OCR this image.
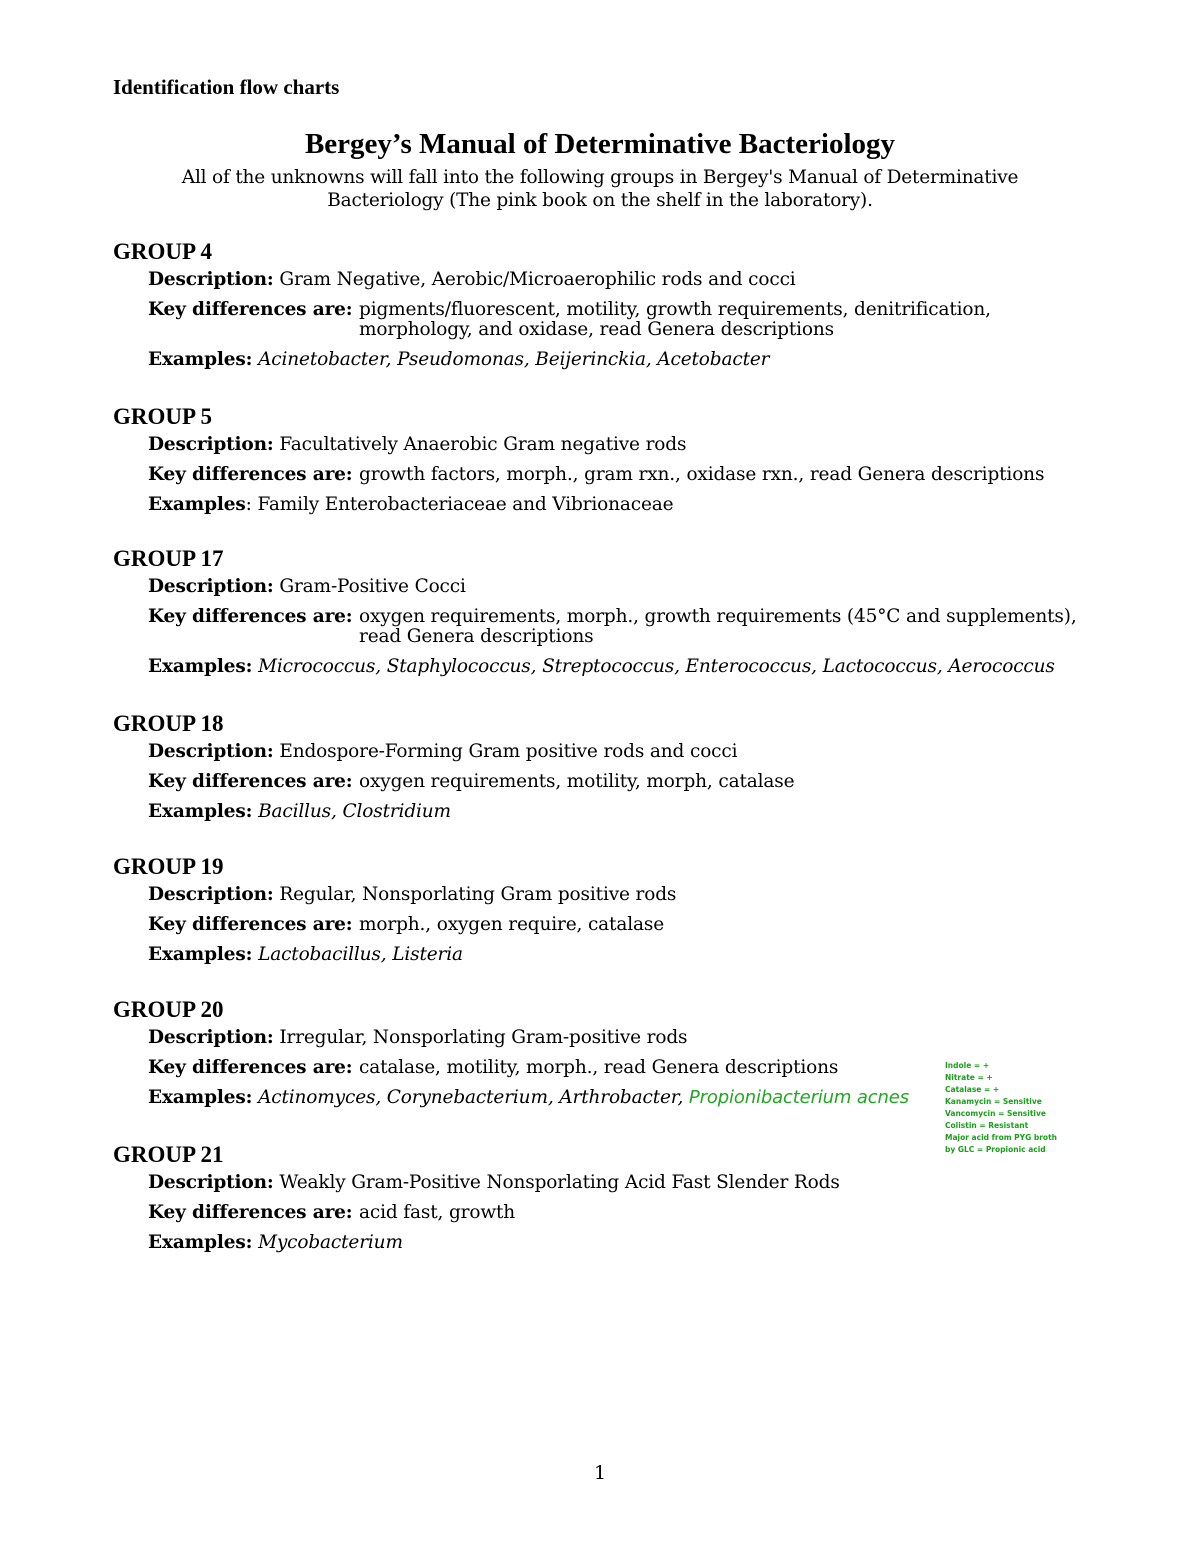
Identification flow charts
Bergey’s Manual of Determinative Bacteriology
All of the unknowns will fall into the following groups in Bergey's Manual of Determinative
Bacteriology (The pink book on the shelf in the laboratory).
GROUP 4
Description: Gram Negative, Aerobic/Microaerophilic rods and cocci
Key differences are: pigments/fluorescent, motility, growth requirements, denitrification,
morphology, and oxidase, read Genera descriptions
Examples: Acinetobacter, Pseudomonas, Beijerinckia, Acetobacter
GROUP 5
Description: Facultatively Anaerobic Gram negative rods
Key differences are: growth factors, morph., gram rxn., oxidase rxn., read Genera descriptions
Examples: Family Enterobacteriaceae and Vibrionaceae
GROUP 17
Description: Gram-Positive Cocci
Key differences are: oxygen requirements, morph., growth requirements (45°C and supplements),
read Genera descriptions
Examples: Micrococcus, Staphylococcus, Streptococcus, Enterococcus, Lactococcus, Aerococcus
GROUP 18
Description: Endospore-Forming Gram positive rods and cocci
Key differences are: oxygen requirements, motility, morph, catalase
Examples: Bacillus, Clostridium
GROUP 19
Description: Regular, Nonsporlating Gram positive rods
Key differences are: morph., oxygen require, catalase
Examples: Lactobacillus, Listeria
GROUP 20
Description: Irregular, Nonsporlating Gram-positive rods
Key differences are: catalase, motility, morph., read Genera descriptions
Examples: Actinomyces, Corynebacterium, Arthrobacter, Propionibacterium acnes
GROUP 21
Description: Weakly Gram-Positive Nonsporlating Acid Fast Slender Rods
Key differences are: acid fast, growth
Examples: Mycobacterium
Indole = +
Nitrate = +
Catalase = +
Kanamycin = Sensitive
Vancomycin = Sensitive
Colistin = Resistant
Major acid from PYG broth
by GLC = Propionic acid
1
